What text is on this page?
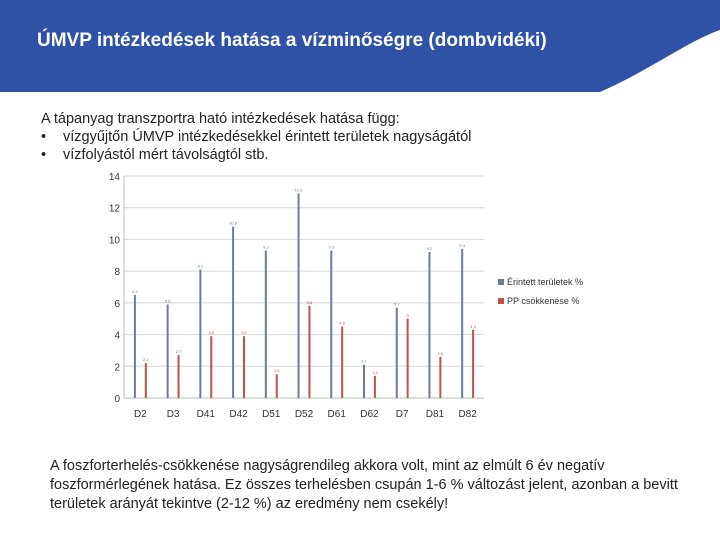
ÚMVP intézkedések hatása a vízminőségre (dombvidéki)
A tápanyag transzportra ható intézkedések hatása függ:
• vízgyűjtőn ÚMVP intézkedésekkel érintett területek nagyságától
• vízfolyástól mért távolságtól stb.
0
2
4
6
8
10
12
14
D2 D3 D41 D42 D51 D52 D61 D62 D7 D81 D82
6.5
5.9
8.1
10.8
9.3
12.9
9.3
2.1
5.7
9.2
9.4
2.2
2.7
3.9	3.9
1.5
5.8
4.5
1.4
5
2.6
4.3
Érintett területek %
PP csökkenése %
A foszforterhelés-csökkenése nagyságrendileg akkora volt, mint az elmúlt 6 év negatív foszformérlegének hatása. Ez összes terhelésben csupán 1-6 % változást jelent, azonban a bevitt területek arányát tekintve (2-12 %) az eredmény nem csekély!
